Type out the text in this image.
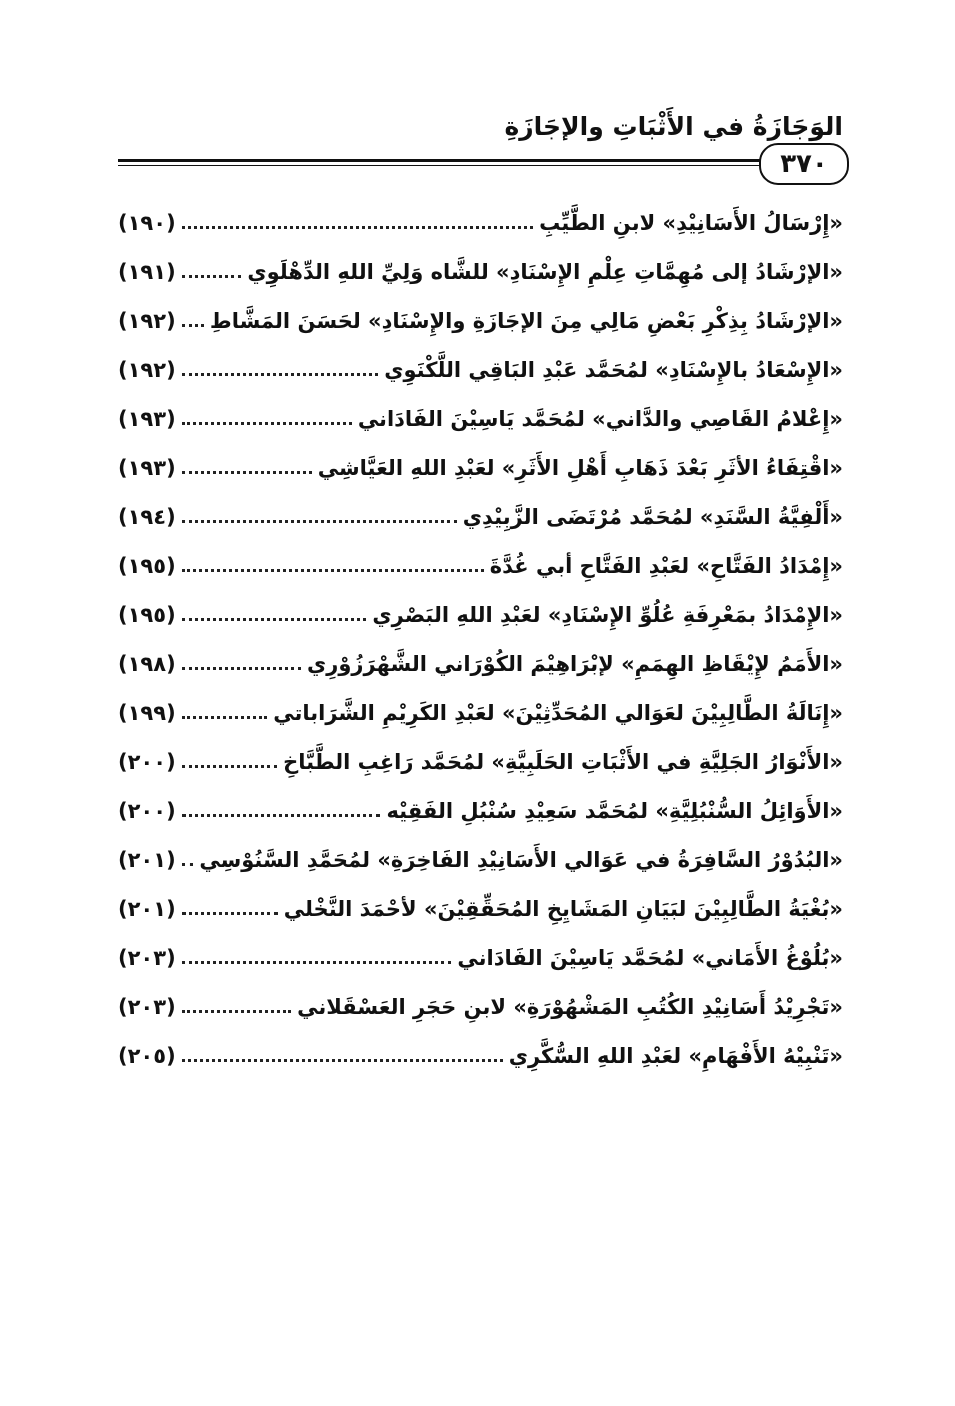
الوَجَازَةُ في الأَثْبَاتِ والإجَازَةِ
٣٧٠
«إِرْسَالُ الأَسَانِيْدِ» لابنِ الطَّيِّبِ
(١٩٠)
«الإرْشَادُ إلى مُهِمَّاتِ عِلْمِ الإِسْنَادِ» للشَّاه وَلِيِّ اللهِ الدِّهْلَوِي
(١٩١)
«الإرْشَادُ بِذِكْرِ بَعْضِ مَالِي مِنَ الإجَازَةِ والإِسْنَادِ» لحَسَنَ المَشَّاطِ
(١٩٢)
«الإِسْعَادُ بالإِسْنَادِ» لمُحَمَّد عَبْدِ البَاقِي اللَّكْنَوِي
(١٩٢)
«إِعْلامُ القَاصِي والدَّاني» لمُحَمَّد يَاسِيْنَ الفَادَاني
(١٩٣)
«اقْتِفَاءُ الأثَرِ بَعْدَ ذَهَابِ أَهْلِ الأَثَرِ» لعَبْدِ اللهِ العَيَّاشِي
(١٩٣)
«أَلْفِيَّةُ السَّنَدِ» لمُحَمَّد مُرْتَضَى الزَّبِيْدِي
(١٩٤)
«إِمْدَادُ الفَتَّاحِ» لعَبْدِ الفَتَّاحِ أبي غُدَّةَ
(١٩٥)
«الإِمْدَادُ بمَعْرِفَةِ عُلُوِّ الإِسْنَادِ» لعَبْدِ اللهِ البَصْرِي
(١٩٥)
«الأَمَمُ لإِيْقَاظِ الهِمَمِ» لإبْرَاهِيْمَ الكُوْرَاني الشَّهْرَزُوْرِي
(١٩٨)
«إِنَالَةُ الطَّالِبِيْنَ لعَوَالي المُحَدِّثِيْنَ» لعَبْدِ الكَرِيْمِ الشَّرَاباتي
(١٩٩)
«الأَنْوَارُ الجَلِيَّةِ في الأَثْبَاتِ الحَلَبِيَّةِ» لمُحَمَّد رَاغِبِ الطَّبَّاخِ
(٢٠٠)
«الأَوَائِلُ السُّنْبُلِيَّةِ» لمُحَمَّد سَعِيْدِ سُنْبُلِ الفَقِيْه
(٢٠٠)
«البُدُوْرُ السَّافِرَةُ في عَوَالي الأَسَانِيْدِ الفَاخِرَةِ» لمُحَمَّدِ السَّنُوْسِي
(٢٠١)
«بُغْيَةُ الطَّالِبِيْنَ لبَيَانِ المَشَايِخِ المُحَقِّقِيْنَ» لأحْمَدَ النَّخْلي
(٢٠١)
«بُلُوْغُ الأَمَاني» لمُحَمَّد يَاسِيْنَ الفَادَاني
(٢٠٣)
«تَجْرِيْدُ أَسَانِيْدِ الكُتُبِ المَشْهُوْرَةِ» لابنِ حَجَرِ العَسْقَلاني
(٢٠٣)
«تَنْبِيْهُ الأَفْهَامِ» لعَبْدِ اللهِ السُّكَّرِي
(٢٠٥)
